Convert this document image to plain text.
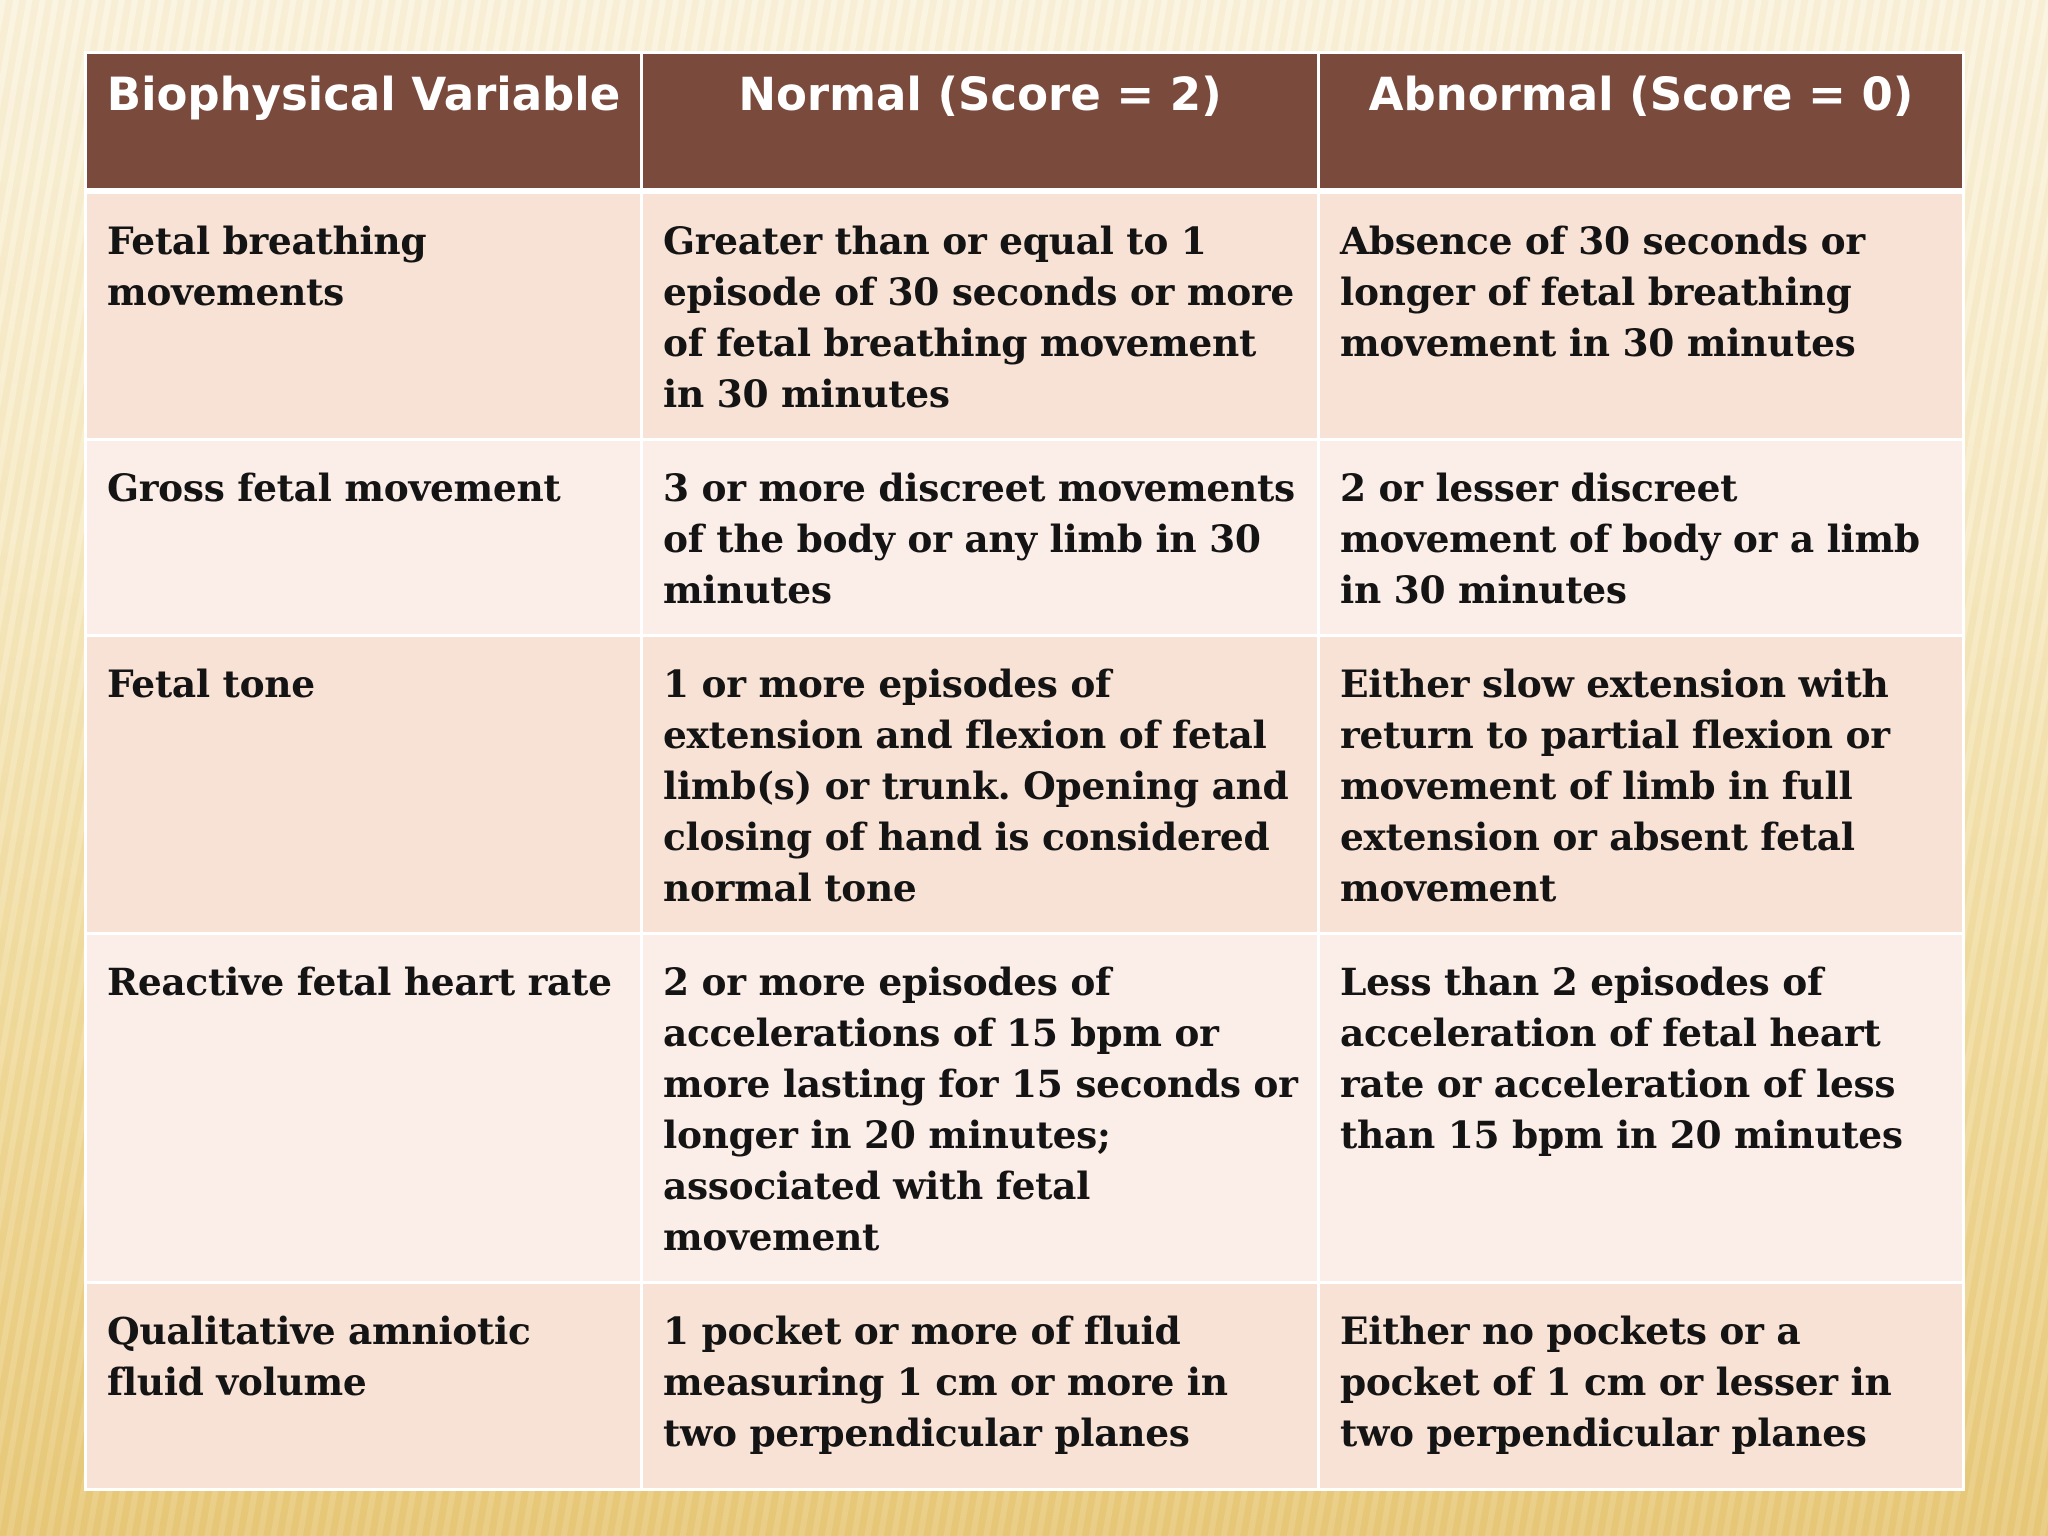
Biophysical Variable	Normal (Score = 2)	Abnormal (Score = 0)
Fetal breathing movements	Greater than or equal to 1 episode of 30 seconds or more of fetal breathing movement in 30 minutes	Absence of 30 seconds or longer of fetal breathing movement in 30 minutes
Gross fetal movement	3 or more discreet movements of the body or any limb in 30 minutes	2 or lesser discreet movement of body or a limb in 30 minutes
Fetal tone	1 or more episodes of extension and flexion of fetal limb(s) or trunk. Opening and closing of hand is considered normal tone	Either slow extension with return to partial flexion or movement of limb in full extension or absent fetal movement
Reactive fetal heart rate	2 or more episodes of accelerations of 15 bpm or more lasting for 15 seconds or longer in 20 minutes; associated with fetal movement	Less than 2 episodes of acceleration of fetal heart rate or acceleration of less than 15 bpm in 20 minutes
Qualitative amniotic fluid volume	1 pocket or more of fluid measuring 1 cm or more in two perpendicular planes	Either no pockets or a pocket of 1 cm or lesser in two perpendicular planes
